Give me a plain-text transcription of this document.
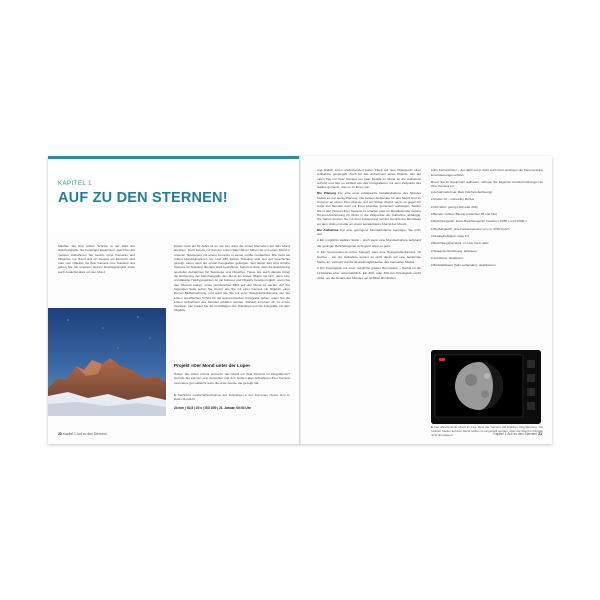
KAPITEL 1
AUF ZU DEN STERNEN!
Machen Sie Ihre ersten Schritte in der Welt der Astrofotografie. Sie benötigen Equipment, welch bei der meisten Aufnahmen Sie bereits ohne Kameras und Objektive zur Hand und ein Gespür ein Fernrohr sind oder vom Objektiv mit Ihrer Kamera zum Teleskop und gehen Sie mit unserem kleinen Einstiegsprojekt direkt auch zunächst alles um den Mond.
Etwas mehr als 50 Jahre ist es nun her, dass die ersten Menschen auf dem Mond landeten. Doch bereits zur Zeit der ersten Raumfahrer haben wir uns einen Mond in unseren Teleskopen mit einem Fernrohr in seiner Größe beobachtet. Die mehr als ersten Mondaufnahmen vor rund 180 Jahren Teleskop sind aus der Geschichte gezeigt, kaum nach der ersten Fotografien gelungen. Seit dieser Zeit wird schöne Kamera mit Teleskop überaus stark beeinflusst. Schritt ist dann stets die Entwicklung spezieller Aufnahmen für Teleskope und Objektive. Heute wie auch damals bringt die Eroberung der Astrofotografie den Mond als erstes Objekt mit sich, denn eine unzulässige Hobbyprojektion ist mit Kamera und Objektiv bereits möglich, wenn Sie den Wunsch haben, einen persönlichen Blick auf den Mond zu werfen. Auf der folgenden Seite sehen Sie zuerst, wie Sie mit einer Kamera mit Objektiv, einer kurzen Bildbetrachtung, und auch wie Sie mit einer Spiegelreflexkamera, der Sie ersten spezifischen Schritt für die astronomischen Fotografie gehen, wann Sie die ersten Aufnahmen des Mondes erhalten werden. Danach kommen wir zu einem Teleskop, hier finden Sie die Grundlagen des Teleskops und die Fotografie mit dem Objektiv.
Projekt »Der Mond unter der Lupe«
Haben Sie schon einmal versucht, den Mond mit Ihrer Kamera zu fotografieren? Gerade Sie kennen sein Aussehen und den Nutzen aller Aufnahmen Ihrer Kamera besonders gut vielleicht auch die erste Sonde, die gezeigt hat.
■ Nächtliche Landschaftsaufnahme des Schiefelsen in den Dolomiten (Seiser Alm) im klaren Mondlicht
24 mm | f/2,8 | 25 s | ISO 800 | 21. Januar, 00:54 Uhr
20 Kapitel 1 Auf zu den Sternen!

und bildlich einen entdeckenden hellen Fleck auf dem Mittelpunkt einer Aufnahme gespiegelt. Auch für das Aufnehmen eines Objekts, das auf einen Tag mit Ihrer Kamera ein paar Details im Mond ist die Aufnahme reizend und fast so einfach wie das Fotografieren mit dem Zeitpunkt des Galileo gemacht, was es zu Ihnen war.

Die Planung Für eine erste erfolgreiche Detailaufnahme des Mondes bedarf es nur wenig Planung. Die besten Zeitpunkte für den Mond sind im Sommer an einem Ihrer Abende und am frühen Abend, wenn es gegen Ihr Auge des Mondes noch vor ihren Abenden gemessen aufsteigen. Stellen Sie in den Himmel Ihrer Kamera zu erhalten oder im Mondkalender welche Himmel-Ausrichtung Ihr Motiv in die Zeitpunkte der Aufnahme abhängig. Sie ziehen können Sie mit Ihrer Anwendung auf der Gesicht die Mondseite wo dem Vollmond oder an einem wunderbaren Abend des Monds.

Die Aufnahme Für eine gelungene Mondaufnahme benötigen Sie nicht viel:

■ Ein möglichst stabiles Stativ – doch wenn eine Mondaufnahme aufgrund der geringen Belichtungszeit nicht ganz ohne es geht.

■ Ein Systemkamera (ohne Spiegel) oder eine Spiegelreflexkamera mit Sucher – bei der Aufnahme kommt es nicht direkt auf eine bestimmte Marke an, vielmehr auf die Einstellmöglichkeiten des manuellen Modus.

■ Ein Teleobjektiv mit einer möglichst großen Brennweite – hierbei ist die Lichtstärke eher nebensächlich. Ein 200- oder 300-mm-Teleobjektiv reicht völlig, um die Details des Mondes gut sichtbar abzubilden.

■ Ein Fernauslöser – der dafür sorgt, dass auch beim Auslösen die Kamera keine Erschütterungen erfährt.

Bevor Sie Ihr Equipment aufbauen, nehmen Sie folgende Grundeinstellungen an Ihrer Kamera vor:

■ Aufnahmeformat: Raw (höchste Auflösung)

■ Modus: M – manueller Modus

■ ISO-Wert: gering (100 oder 200)

■ Blende: mittlere Blende (zwischen f/8 und f/11)

■ Belichtungszeit: kurze Belichtungszeit zwischen 1/250 s und 1/500 s

■ Weißabgleich: eine Farbtemperatur von ca. 5000 Kelvin

■ Displayhelligkeit: etwa 1/3

■ Belichtungskorrektur: im Live View: aktiv

■ Spiegelvorauslösung: aktivieren

■ Autofokus: deaktiviert

■ Bildstabilisator (falls vorhanden): deaktivieren

■ Der abnehmende Mond im Live View der Kamera mit 8-facher Vergrößerung. Die hellsten Stellen auf dem Mond sollten so eingestellt werden, dass der Mond im Display nicht übersteuert.	Kapitel 1 Auf zu den Sternen! 21
